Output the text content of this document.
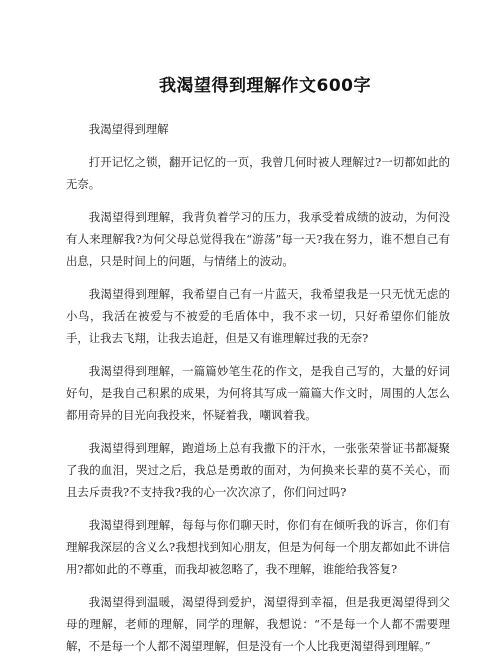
我渴望得到理解作文600字
我渴望得到理解

打开记忆之锁，翻开记忆的一页，我曾几何时被人理解过?一切都如此的无奈。

我渴望得到理解，我背负着学习的压力，我承受着成绩的波动，为何没有人来理解我?为何父母总觉得我在“游荡”每一天?我在努力，谁不想自己有出息，只是时间上的问题，与情绪上的波动。

我渴望得到理解，我希望自己有一片蓝天，我希望我是一只无忧无虑的小鸟，我活在被爱与不被爱的毛盾体中，我不求一切，只好希望你们能放手，让我去飞翔，让我去追赶，但是又有谁理解过我的无奈?

我渴望得到理解，一篇篇妙笔生花的作文，是我自己写的，大量的好词好句，是我自己积累的成果，为何将其写成一篇篇大作文时，周围的人怎么都用奇异的目光向我投来，怀疑着我，嘲讽着我。

我渴望得到理解，跑道场上总有我撒下的汗水，一张张荣誉证书都凝聚了我的血泪，哭过之后，我总是勇敢的面对，为何换来长辈的莫不关心，而且去斥责我?不支持我?我的心一次次凉了，你们问过吗?

我渴望得到理解，每每与你们聊天时，你们有在倾听我的诉言，你们有理解我深层的含义么?我想找到知心朋友，但是为何每一个朋友都如此不讲信用?都如此的不尊重，而我却被忽略了，我不理解，谁能给我答复?

我渴望得到温暖，渴望得到爱护，渴望得到幸福，但是我更渴望得到父母的理解，老师的理解，同学的理解，我想说：“不是每一个人都不需要理解，不是每一个人都不渴望理解，但是没有一个人比我更渴望得到理解。”
